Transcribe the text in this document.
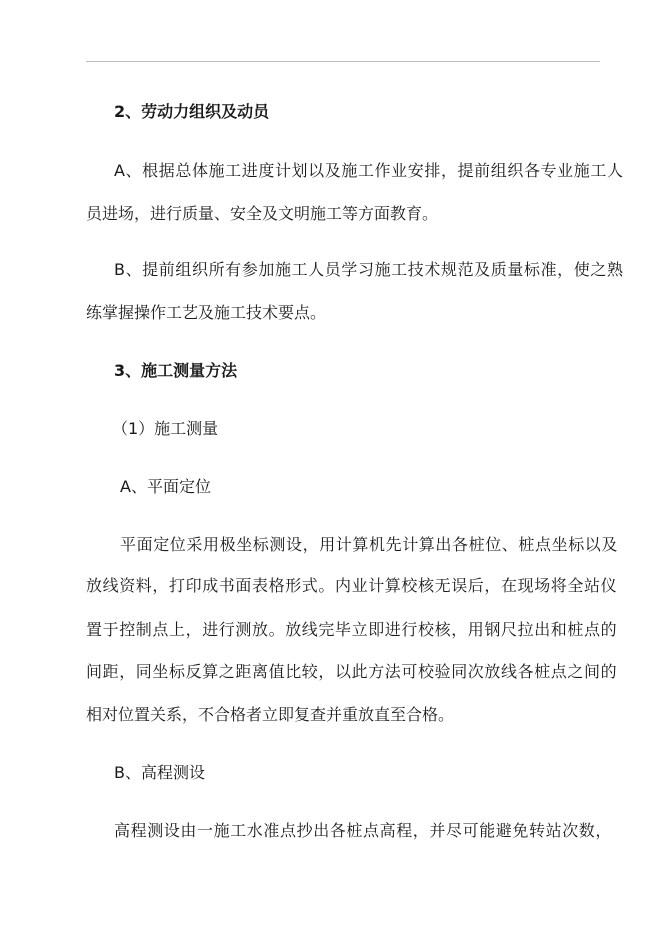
2、劳动力组织及动员
A、根据总体施工进度计划以及施工作业安排，提前组织各专业施工人
员进场，进行质量、安全及文明施工等方面教育。
B、提前组织所有参加施工人员学习施工技术规范及质量标准，使之熟
练掌握操作工艺及施工技术要点。
3、施工测量方法
（1）施工测量
A、平面定位
平面定位采用极坐标测设，用计算机先计算出各桩位、桩点坐标以及
放线资料，打印成书面表格形式。内业计算校核无误后，在现场将全站仪
置于控制点上，进行测放。放线完毕立即进行校核，用钢尺拉出和桩点的
间距，同坐标反算之距离值比较，以此方法可校验同次放线各桩点之间的
相对位置关系，不合格者立即复查并重放直至合格。
B、高程测设
高程测设由一施工水准点抄出各桩点高程，并尽可能避免转站次数，
